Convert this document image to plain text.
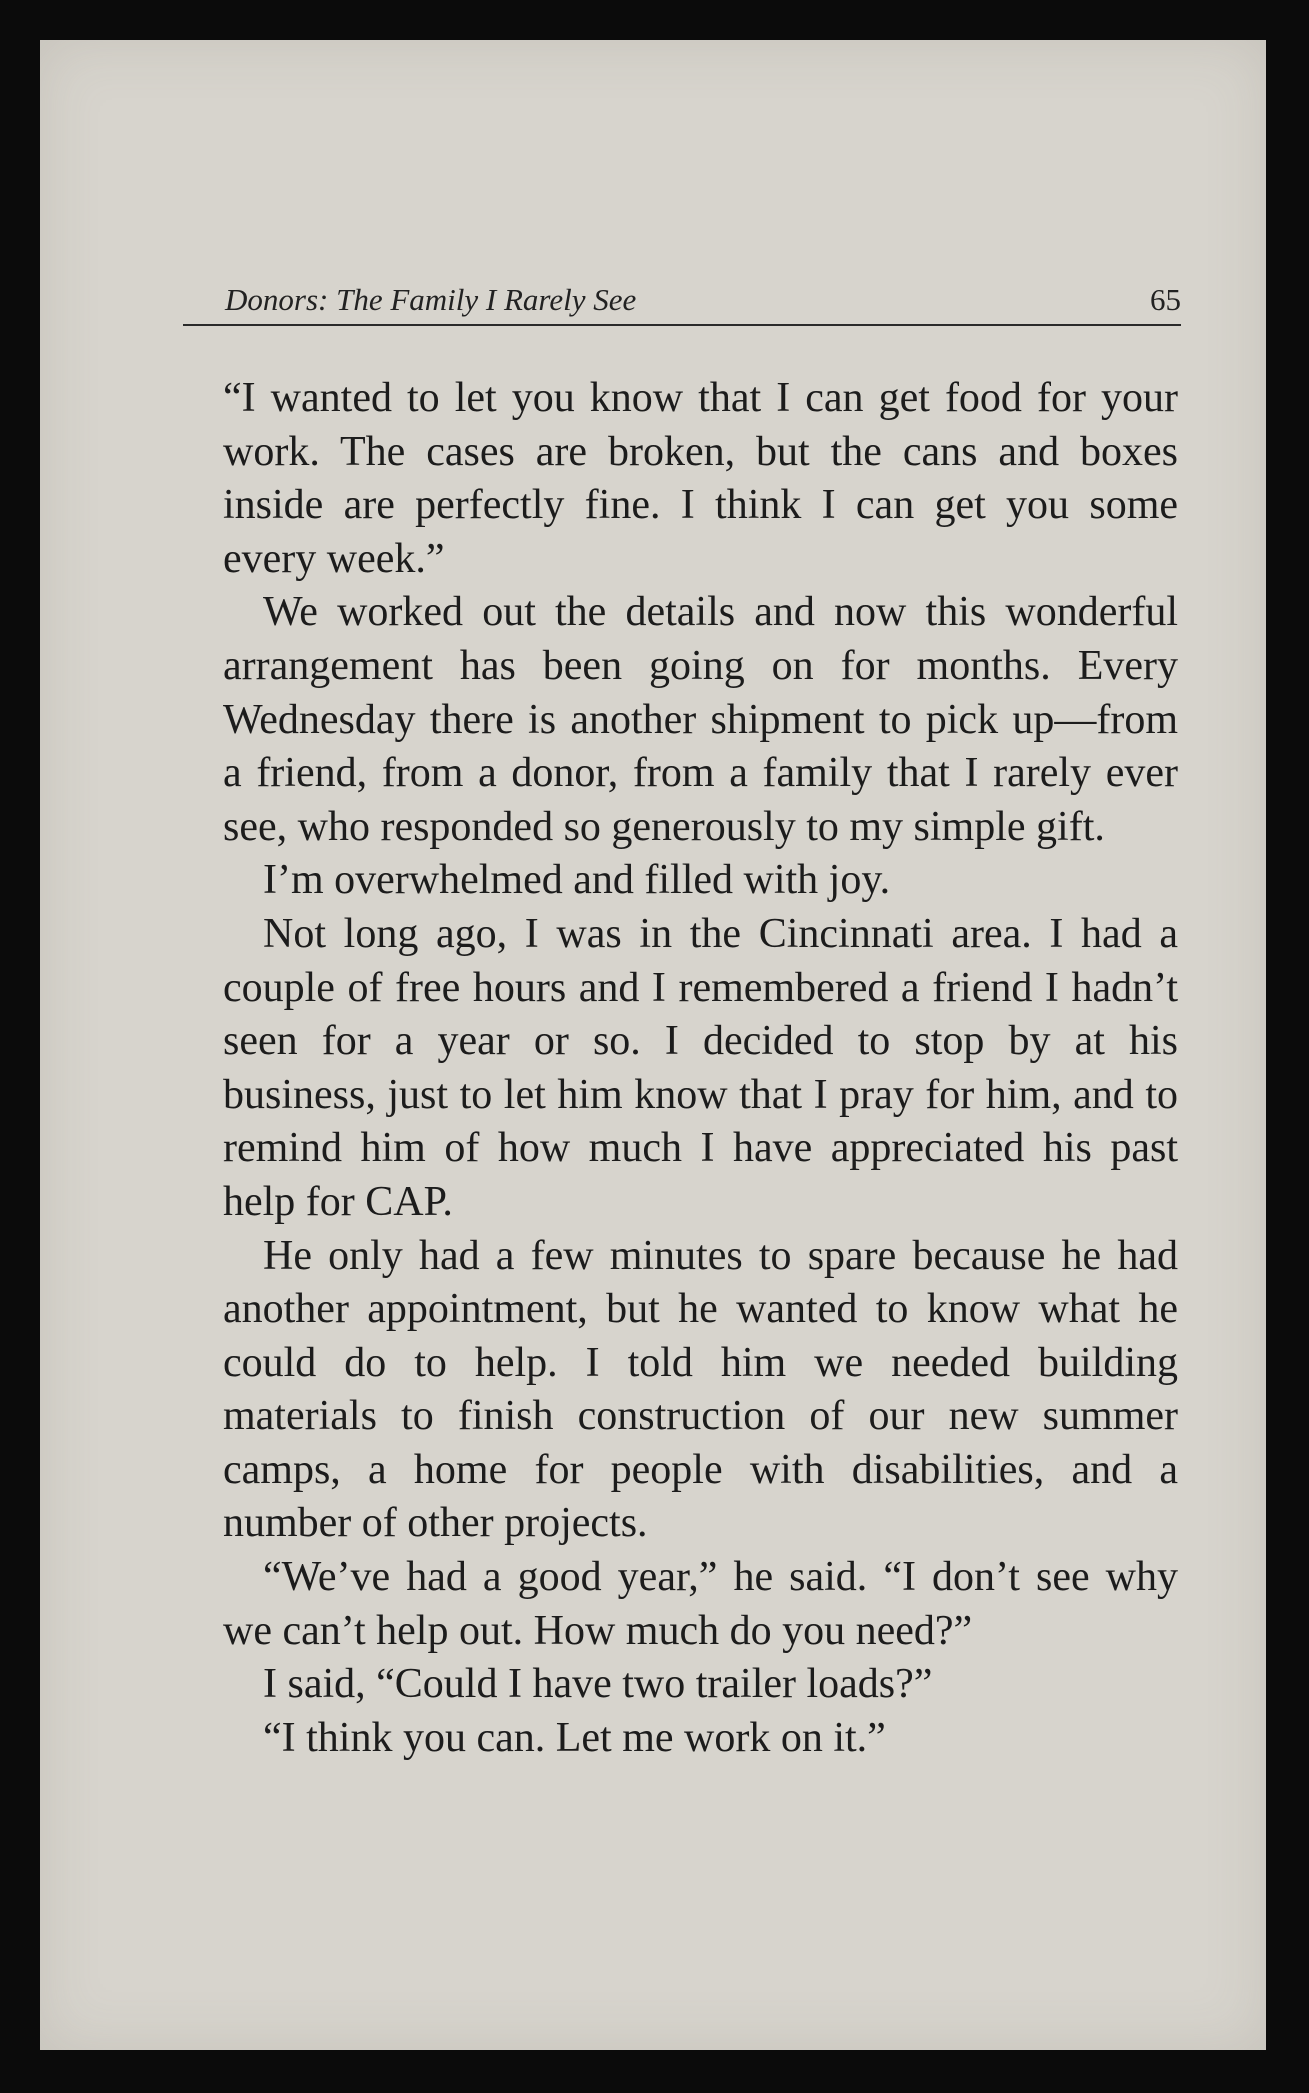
Donors: The Family I Rarely See	65

“I wanted to let you know that I can get food for your work. The cases are broken, but the cans and boxes inside are perfectly fine. I think I can get you some every week.”

We worked out the details and now this wonderful arrangement has been going on for months. Every Wednesday there is another shipment to pick up—from a friend, from a donor, from a family that I rarely ever see, who responded so generously to my simple gift.

I’m overwhelmed and filled with joy.

Not long ago, I was in the Cincinnati area. I had a couple of free hours and I remembered a friend I hadn’t seen for a year or so. I decided to stop by at his business, just to let him know that I pray for him, and to remind him of how much I have appreciated his past help for CAP.

He only had a few minutes to spare because he had another appointment, but he wanted to know what he could do to help. I told him we needed building materials to finish construction of our new summer camps, a home for people with disabilities, and a number of other projects.

“We’ve had a good year,” he said. “I don’t see why we can’t help out. How much do you need?”

I said, “Could I have two trailer loads?”

“I think you can. Let me work on it.”
